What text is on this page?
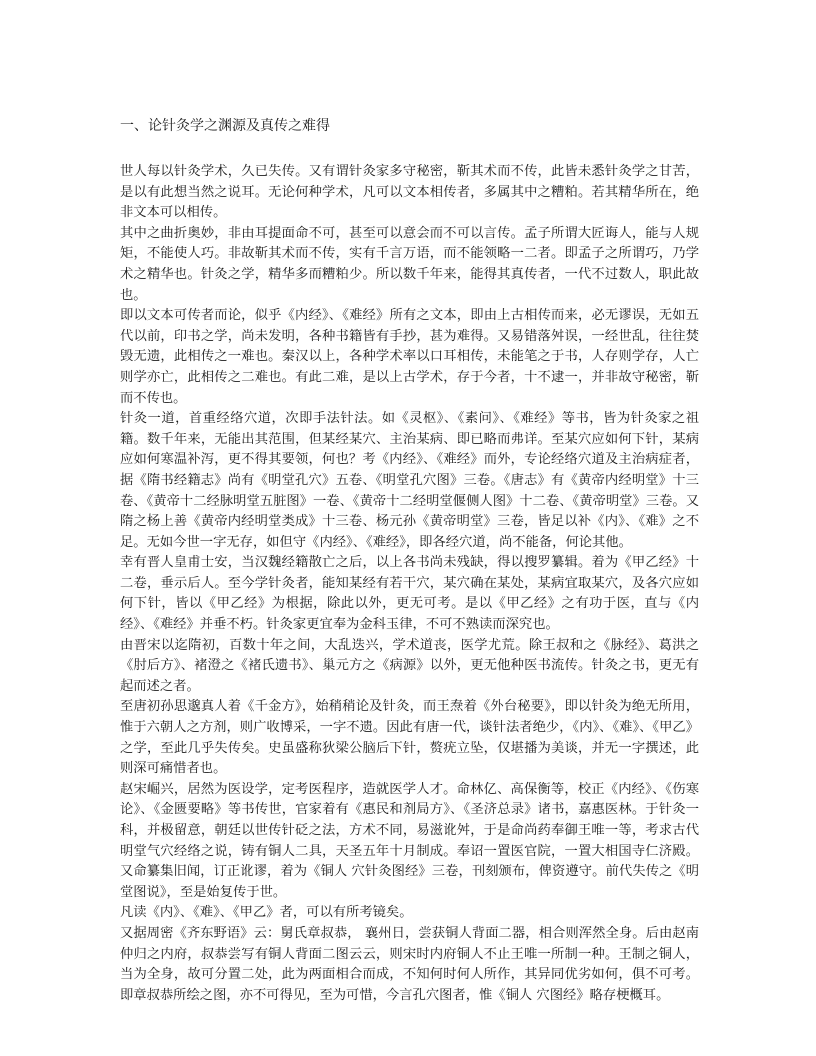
一、论针灸学之渊源及真传之难得

世人每以针灸学术，久已失传。又有谓针灸家多守秘密，靳其术而不传，此皆未悉针灸学之甘苦，是以有此想当然之说耳。无论何种学术，凡可以文本相传者，多属其中之糟粕。若其精华所在，绝非文本可以相传。

其中之曲折奥妙，非由耳提面命不可，甚至可以意会而不可以言传。孟子所谓大匠诲人，能与人规矩，不能使人巧。非故靳其术而不传，实有千言万语，而不能领略一二者。即孟子之所谓巧，乃学术之精华也。针灸之学，精华多而糟粕少。所以数千年来，能得其真传者，一代不过数人，职此故也。

即以文本可传者而论，似乎《内经》、《难经》所有之文本，即由上古相传而来，必无谬误，无如五代以前，印书之学，尚未发明，各种书籍皆有手抄，甚为难得。又易错落舛误，一经世乱，往往焚毁无遗，此相传之一难也。秦汉以上，各种学术率以口耳相传，未能笔之于书，人存则学存，人亡则学亦亡，此相传之二难也。有此二难，是以上古学术，存于今者，十不逮一，并非故守秘密，靳而不传也。

针灸一道，首重经络穴道，次即手法针法。如《灵枢》、《素问》、《难经》等书，皆为针灸家之祖籍。数千年来，无能出其范围，但某经某穴、主治某病、即已略而弗详。至某穴应如何下针，某病应如何寒温补泻，更不得其要领，何也？考《内经》、《难经》而外，专论经络穴道及主治病症者，据《隋书经籍志》尚有《明堂孔穴》五卷、《明堂孔穴图》三卷。《唐志》有《黄帝内经明堂》十三卷、《黄帝十二经脉明堂五脏图》一卷、《黄帝十二经明堂偃侧人图》十二卷、《黄帝明堂》三卷。又隋之杨上善《黄帝内经明堂类成》十三卷、杨元孙《黄帝明堂》三卷，皆足以补《内》、《难》之不足。无如今世一字无存，如但守《内经》、《难经》，即各经穴道，尚不能备，何论其他。

幸有晋人皇甫士安，当汉魏经籍散亡之后，以上各书尚未残缺，得以搜罗纂辑。着为《甲乙经》十二卷，垂示后人。至今学针灸者，能知某经有若干穴，某穴确在某处，某病宜取某穴，及各穴应如何下针，皆以《甲乙经》为根据，除此以外，更无可考。是以《甲乙经》之有功于医，直与《内经》、《难经》并垂不朽。针灸家更宜奉为金科玉律，不可不熟读而深究也。

由晋宋以迄隋初，百数十年之间，大乱迭兴，学术道丧，医学尤荒。除王叔和之《脉经》、葛洪之《肘后方》、褚澄之《褚氏遗书》、巢元方之《病源》以外，更无他种医书流传。针灸之书，更无有起而述之者。

至唐初孙思邈真人着《千金方》，始稍稍论及针灸，而王焘着《外台秘要》，即以针灸为绝无所用，惟于六朝人之方剂，则广收博采，一字不遗。因此有唐一代，谈针法者绝少，《内》、《难》、《甲乙》之学，至此几乎失传矣。史虽盛称狄梁公脑后下针，赘疣立坠，仅堪播为美谈，并无一字撰述，此则深可痛惜者也。

赵宋崛兴，居然为医设学，定考医程序，造就医学人才。命林亿、高保衡等，校正《内经》、《伤寒论》、《金匮要略》等书传世，官家着有《惠民和剂局方》、《圣济总录》诸书，嘉惠医林。于针灸一科，并极留意，朝廷以世传针砭之法，方术不同，易滋讹舛，于是命尚药奉御王唯一等，考求古代明堂气穴经络之说，铸有铜人二具，天圣五年十月制成。奉诏一置医官院，一置大相国寺仁济殿。又命纂集旧闻，订正讹谬，着为《铜人 穴针灸图经》三卷，刊刻颁布，俾资遵守。前代失传之《明堂图说》，至是始复传于世。

凡读《内》、《难》、《甲乙》者，可以有所考镜矣。

又据周密《齐东野语》云：舅氏章叔恭， 襄州日，尝获铜人背面二器，相合则浑然全身。后由赵南仲归之内府，叔恭尝写有铜人背面二图云云，则宋时内府铜人不止王唯一所制一种。王制之铜人，当为全身，故可分置二处，此为两面相合而成，不知何时何人所作，其异同优劣如何，俱不可考。即章叔恭所绘之图，亦不可得见，至为可惜，今言孔穴图者，惟《铜人 穴图经》略存梗概耳。
